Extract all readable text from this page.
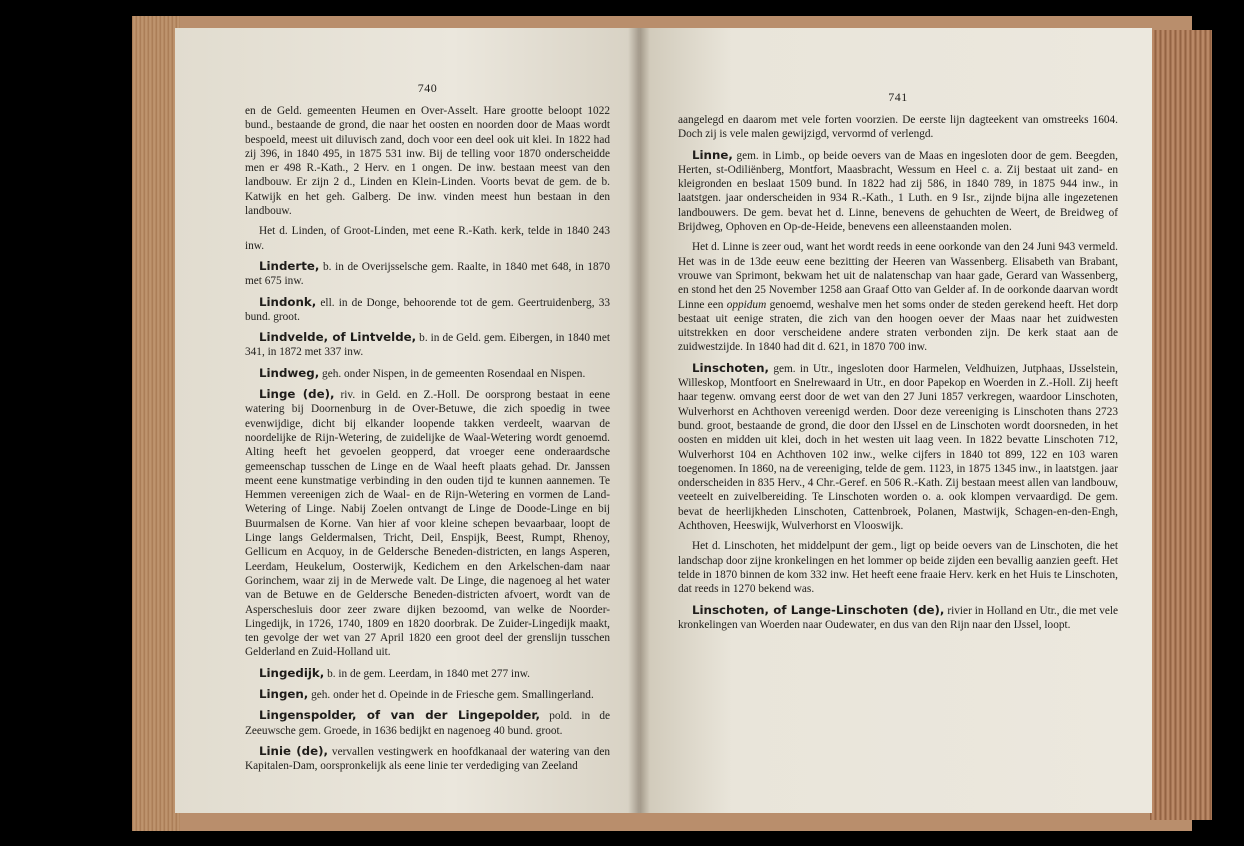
740

en de Geld. gemeenten Heumen en Over-Asselt. Hare grootte beloopt 1022 bund., bestaande de grond, die naar het oosten en noorden door de Maas wordt bespoeld, meest uit diluvisch zand, doch voor een deel ook uit klei. In 1822 had zij 396, in 1840 495, in 1875 531 inw. Bij de telling voor 1870 onderscheidde men er 498 R.-Kath., 2 Herv. en 1 ongen. De inw. bestaan meest van den landbouw. Er zijn 2 d., Linden en Klein-Linden. Voorts bevat de gem. de b. Katwijk en het geh. Galberg. De inw. vinden meest hun bestaan in den landbouw.

Het d. Linden, of Groot-Linden, met eene R.-Kath. kerk, telde in 1840 243 inw.

Linderte, b. in de Overijsselsche gem. Raalte, in 1840 met 648, in 1870 met 675 inw.

Lindonk, ell. in de Donge, behoorende tot de gem. Geertruidenberg, 33 bund. groot.

Lindvelde, of Lintvelde, b. in de Geld. gem. Eibergen, in 1840 met 341, in 1872 met 337 inw.

Lindweg, geh. onder Nispen, in de gemeenten Rosendaal en Nispen.

Linge (de), riv. in Geld. en Z.-Holl. De oorsprong bestaat in eene watering bij Doornenburg in de Over-Betuwe, die zich spoedig in twee evenwijdige, dicht bij elkander loopende takken verdeelt, waarvan de noordelijke de Rijn-Wetering, de zuidelijke de Waal-Wetering wordt genoemd. Alting heeft het gevoelen geopperd, dat vroeger eene onderaardsche gemeenschap tusschen de Linge en de Waal heeft plaats gehad. Dr. Janssen meent eene kunstmatige verbinding in den ouden tijd te kunnen aannemen. Te Hemmen vereenigen zich de Waal- en de Rijn-Wetering en vormen de Land-Wetering of Linge. Nabij Zoelen ontvangt de Linge de Doode-Linge en bij Buurmalsen de Korne. Van hier af voor kleine schepen bevaarbaar, loopt de Linge langs Geldermalsen, Tricht, Deil, Enspijk, Beest, Rumpt, Rhenoy, Gellicum en Acquoy, in de Geldersche Beneden-districten, en langs Asperen, Leerdam, Heukelum, Oosterwijk, Kedichem en den Arkelschen-dam naar Gorinchem, waar zij in de Merwede valt. De Linge, die nagenoeg al het water van de Betuwe en de Geldersche Beneden-districten afvoert, wordt van de Asperschesluis door zeer zware dijken bezoomd, van welke de Noorder-Lingedijk, in 1726, 1740, 1809 en 1820 doorbrak. De Zuider-Lingedijk maakt, ten gevolge der wet van 27 April 1820 een groot deel der grenslijn tusschen Gelderland en Zuid-Holland uit.

Lingedijk, b. in de gem. Leerdam, in 1840 met 277 inw.

Lingen, geh. onder het d. Opeinde in de Friesche gem. Smallingerland.

Lingenspolder, of van der Lingepolder, pold. in de Zeeuwsche gem. Groede, in 1636 bedijkt en nagenoeg 40 bund. groot.

Linie (de), vervallen vestingwerk en hoofdkanaal der watering van den Kapitalen-Dam, oorspronkelijk als eene linie ter verdediging van Zeeland

741

aangelegd en daarom met vele forten voorzien. De eerste lijn dagteekent van omstreeks 1604. Doch zij is vele malen gewijzigd, vervormd of verlengd.

Linne, gem. in Limb., op beide oevers van de Maas en ingesloten door de gem. Beegden, Herten, st-Odiliënberg, Montfort, Maasbracht, Wessum en Heel c. a. Zij bestaat uit zand- en kleigronden en beslaat 1509 bund. In 1822 had zij 586, in 1840 789, in 1875 944 inw., in laatstgen. jaar onderscheiden in 934 R.-Kath., 1 Luth. en 9 Isr., zijnde bijna alle ingezetenen landbouwers. De gem. bevat het d. Linne, benevens de gehuchten de Weert, de Breidweg of Brijdweg, Ophoven en Op-de-Heide, benevens een alleenstaanden molen.

Het d. Linne is zeer oud, want het wordt reeds in eene oorkonde van den 24 Juni 943 vermeld. Het was in de 13de eeuw eene bezitting der Heeren van Wassenberg. Elisabeth van Brabant, vrouwe van Sprimont, bekwam het uit de nalatenschap van haar gade, Gerard van Wassenberg, en stond het den 25 November 1258 aan Graaf Otto van Gelder af. In de oorkonde daarvan wordt Linne een oppidum genoemd, weshalve men het soms onder de steden gerekend heeft. Het dorp bestaat uit eenige straten, die zich van den hoogen oever der Maas naar het zuidwesten uitstrekken en door verscheidene andere straten verbonden zijn. De kerk staat aan de zuidwestzijde. In 1840 had dit d. 621, in 1870 700 inw.

Linschoten, gem. in Utr., ingesloten door Harmelen, Veldhuizen, Jutphaas, IJsselstein, Willeskop, Montfoort en Snelrewaard in Utr., en door Papekop en Woerden in Z.-Holl. Zij heeft haar tegenw. omvang eerst door de wet van den 27 Juni 1857 verkregen, waardoor Linschoten, Wulverhorst en Achthoven vereenigd werden. Door deze vereeniging is Linschoten thans 2723 bund. groot, bestaande de grond, die door den IJssel en de Linschoten wordt doorsneden, in het oosten en midden uit klei, doch in het westen uit laag veen. In 1822 bevatte Linschoten 712, Wulverhorst 104 en Achthoven 102 inw., welke cijfers in 1840 tot 899, 122 en 103 waren toegenomen. In 1860, na de vereeniging, telde de gem. 1123, in 1875 1345 inw., in laatstgen. jaar onderscheiden in 835 Herv., 4 Chr.-Geref. en 506 R.-Kath. Zij bestaan meest allen van landbouw, veeteelt en zuivelbereiding. Te Linschoten worden o. a. ook klompen vervaardigd. De gem. bevat de heerlijkheden Linschoten, Cattenbroek, Polanen, Mastwijk, Schagen-en-den-Engh, Achthoven, Heeswijk, Wulverhorst en Vlooswijk.

Het d. Linschoten, het middelpunt der gem., ligt op beide oevers van de Linschoten, die het landschap door zijne kronkelingen en het lommer op beide zijden een bevallig aanzien geeft. Het telde in 1870 binnen de kom 332 inw. Het heeft eene fraaie Herv. kerk en het Huis te Linschoten, dat reeds in 1270 bekend was.

Linschoten, of Lange-Linschoten (de), rivier in Holland en Utr., die met vele kronkelingen van Woerden naar Oudewater, en dus van den Rijn naar den IJssel, loopt.
